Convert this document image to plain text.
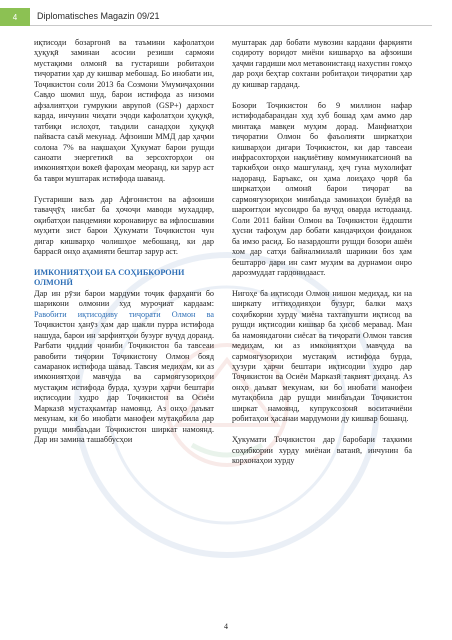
4	Diplomatisches Magazin 09/21

иқтисоди бозаргонӣ ва таъмини кафолатҳои ҳуқуқӣ заминаи асосии резиши сармояи мустақими олмонӣ ва густариши робитаҳои тиҷоратии ҳар ду кишвар мебошад. Бо инобати ин, Тоҷикистон соли 2013 ба Созмони Умумиҷаҳонии Савдо шомил шуд, барои истифода аз низоми афзалиятҳои гумрукии аврупоӣ (GSP+) дархост карда, инчунин чиҳати эҷоди кафолатҳои ҳуқуқӣ, татбиқи ислоҳот, таъдили санадҳои ҳуқуқӣ пайваста саъй мекунад. Афзоиши ММД дар ҳаҷми солона 7% ва нақшаҳои Ҳукумат барои рушди саноати энергетикӣ ва зерсохторҳои он имкониятҳои вокеӣ фароҳам меоранд, ки зарур аст ба таври муштарак истифода шаванд.

Густариши вазъ дар Афғонистон ва афзоиши таваҷҷӯҳ нисбат ба ҳочоҷи маводи мухаддир, оқибатҳои пандемияи коронавирус ва ифлосшавии муҳити зист барои Ҳукумати Тоҷикистон чун дигар кишварҳо чолишҳое мебошанд, ки дар баррасӣ онҳо аҳамияти бештар зарур аст.

ИМКОНИЯТҲОИ БА СОҲИБКОРОНИ ОЛМОНӢ

Дар ин рӯзи барои мардуми тоҷик фарҳанги бо шарикони олмонии худ муроҷиат кардаам: Равобити иқтисодиву тиҷорати Олмон ва Тоҷикистон ҳанӯз ҳам дар шакли пурра истифода нашуда, барои ин зарфиятҳои бузург вуҷуд доранд. Рағбати ҷиддии ҷониби Тоҷикистон ба тавсеаи равобити тиҷории Тоҷикистону Олмон бояд самаранок истифода шавад. Тавсия медиҳам, ки аз имкониятҳои мавҷуда ва сармоягузориҳои мустақим истифода бурда, ҳузури ҳарчи бештари иқтисодии худро дар Тоҷикистон ва Осиёи Марказӣ мустаҳкамтар намоянд. Аз онҳо даъват мекунам, ки бо инобати манофеи мутақобила дар рушди минбаъдаи Тоҷикистон ширкат намоянд. Дар ин замина ташаббусҳои

муштарак дар бобати мувозин кардани фарқияти содироту воридот миёни кишварҳо ва афзоиши ҳаҷми гардиши мол метавонистанд нахустин гомҳо дар роҳи беҳтар сохтани робитаҳои тиҷоратии ҳар ду кишвар гарданд.

Бозори Тоҷикистон бо 9 миллион нафар истифодабарандан худ хуб бошад ҳам аммо дар минтақа мавқеи муҳим дорад. Манфиатҳои тиҷоратии Олмон бо фаъолияти ширкатҳои кишварҳои дигари Тоҷикистон, ки дар тавсеаи инфрасохторҳои нақлиётиву коммуникатсионӣ ва таркибҳои онҳо машғуланд, ҳеҷ гуна мухолифат надоранд. Баръакс, он ҳама лоиҳаҳо ҷорӣ ба ширкатҳои олмонӣ барои тиҷорат ва сармоягузориҳои минбаъда заминаҳои бунёдӣ ва шароитҳои мусоидро ба вуҷуд оварда истодаанд. Соли 2011 байни Олмон ва Тоҷикистон ёддошти ҳусни тафоҳум дар бобати кандаҷиҳои фоиданок ба имзо расид. Бо назардошти рушди бозори ашёи хом дар сатҳи байналмилалӣ шарикии боз ҳам бештарро дари ин самт муҳим ва дурнамои онро дарозмуддат гардонидааст.

Нигоҳе ба иқтисоди Олмон нишон медиҳад, ки на ширкату иттиҳодияҳои бузург, балки маҳз соҳибкорни хурду миёна тахтапушти иқтисод ва рушди иқтисодии кишвар ба ҳисоб меравад. Ман ба намояндагони сиёсат ва тиҷорати Олмон тавсия медиҳам, ки аз имкониятҳои мавҷуда ва сармоягузориҳои мустақим истифода бурда, ҳузури ҳарчи бештари иқтисодии худро дар Тоҷикистон ва Осиёи Марказӣ тақвият диҳанд. Аз онҳо даъват мекунам, ки бо инобати манофеи мутақобила дар рушди минбаъдаи Тоҷикистон ширкат намоянд, купруксозонӣ воситачиёни робитаҳои ҳасанаи мардумони ду кишвар бошанд.

Ҳукумати Тоҷикистон дар баробари таҳкими соҳибкории хурду миёнаи ватанӣ, инчунин ба корхонаҳои хурду

4
